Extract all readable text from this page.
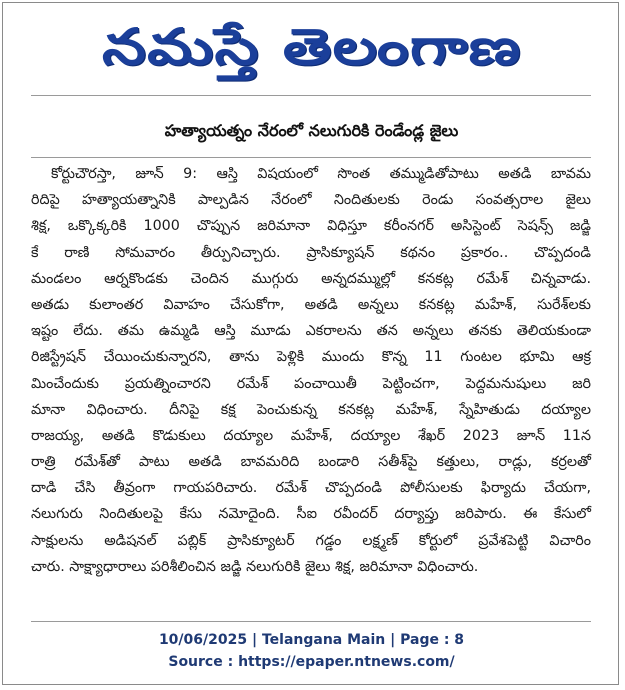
నమస్తే తెలంగాణ
హత్యాయత్నం నేరంలో నలుగురికి రెండేండ్ల జైలు
కోర్టుచౌరస్తా, జూన్ 9: ఆస్తి విషయంలో సొంత తమ్ముడితోపాటు అతడి బావమ
రిదిపై హత్యాయత్నానికి పాల్పడిన నేరంలో నిందితులకు రెండు సంవత్సరాల జైలు
శిక్ష, ఒక్కొక్కరికి 1000 చొప్పున జరిమానా విధిస్తూ కరీంనగర్ అసిస్టెంట్ సెషన్స్ జడ్జి
కే రాణి సోమవారం తీర్పునిచ్చారు. ప్రాసిక్యూషన్ కథనం ప్రకారం.. చొప్పదండి
మండలం ఆర్నకొండకు చెందిన ముగ్గురు అన్నదమ్ముల్లో కనకట్ల రమేశ్ చిన్నవాడు.
అతడు కులాంతర వివాహం చేసుకోగా, అతడి అన్నలు కనకట్ల మహేశ్, సురేశ్‌లకు
ఇష్టం లేదు. తమ ఉమ్మడి ఆస్తి మూడు ఎకరాలను తన అన్నలు తనకు తెలియకుండా
రిజిస్ట్రేషన్ చేయించుకున్నారని, తాను పెళ్లికి ముందు కొన్న 11 గుంటల భూమి ఆక్ర
మించేందుకు ప్రయత్నించారని రమేశ్ పంచాయితీ పెట్టించగా, పెద్దమనుషులు జరి
మానా విధించారు. దీనిపై కక్ష పెంచుకున్న కనకట్ల మహేశ్, స్నేహితుడు దయ్యాల
రాజయ్య, అతడి కొడుకులు దయ్యాల మహేశ్, దయ్యాల శేఖర్ 2023 జూన్ 11న
రాత్రి రమేశ్‌తో పాటు అతడి బావమరిది బండారి సతీశ్‌పై కత్తులు, రాడ్లు, కర్రలతో
దాడి చేసి తీవ్రంగా గాయపరిచారు. రమేశ్ చొప్పదండి పోలీసులకు ఫిర్యాదు చేయగా,
నలుగురు నిందితులపై కేసు నమోదైంది. సీఐ రవీందర్ దర్యాప్తు జరిపారు. ఈ కేసులో
సాక్షులను అడిషనల్ పబ్లిక్ ప్రాసిక్యూటర్ గడ్డం లక్ష్మణ్ కోర్టులో ప్రవేశపెట్టి విచారిం
చారు. సాక్ష్యాధారాలు పరిశీలించిన జడ్జి నలుగురికి జైలు శిక్ష, జరిమానా విధించారు.
10/06/2025 | Telangana Main | Page : 8
Source : https://epaper.ntnews.com/
